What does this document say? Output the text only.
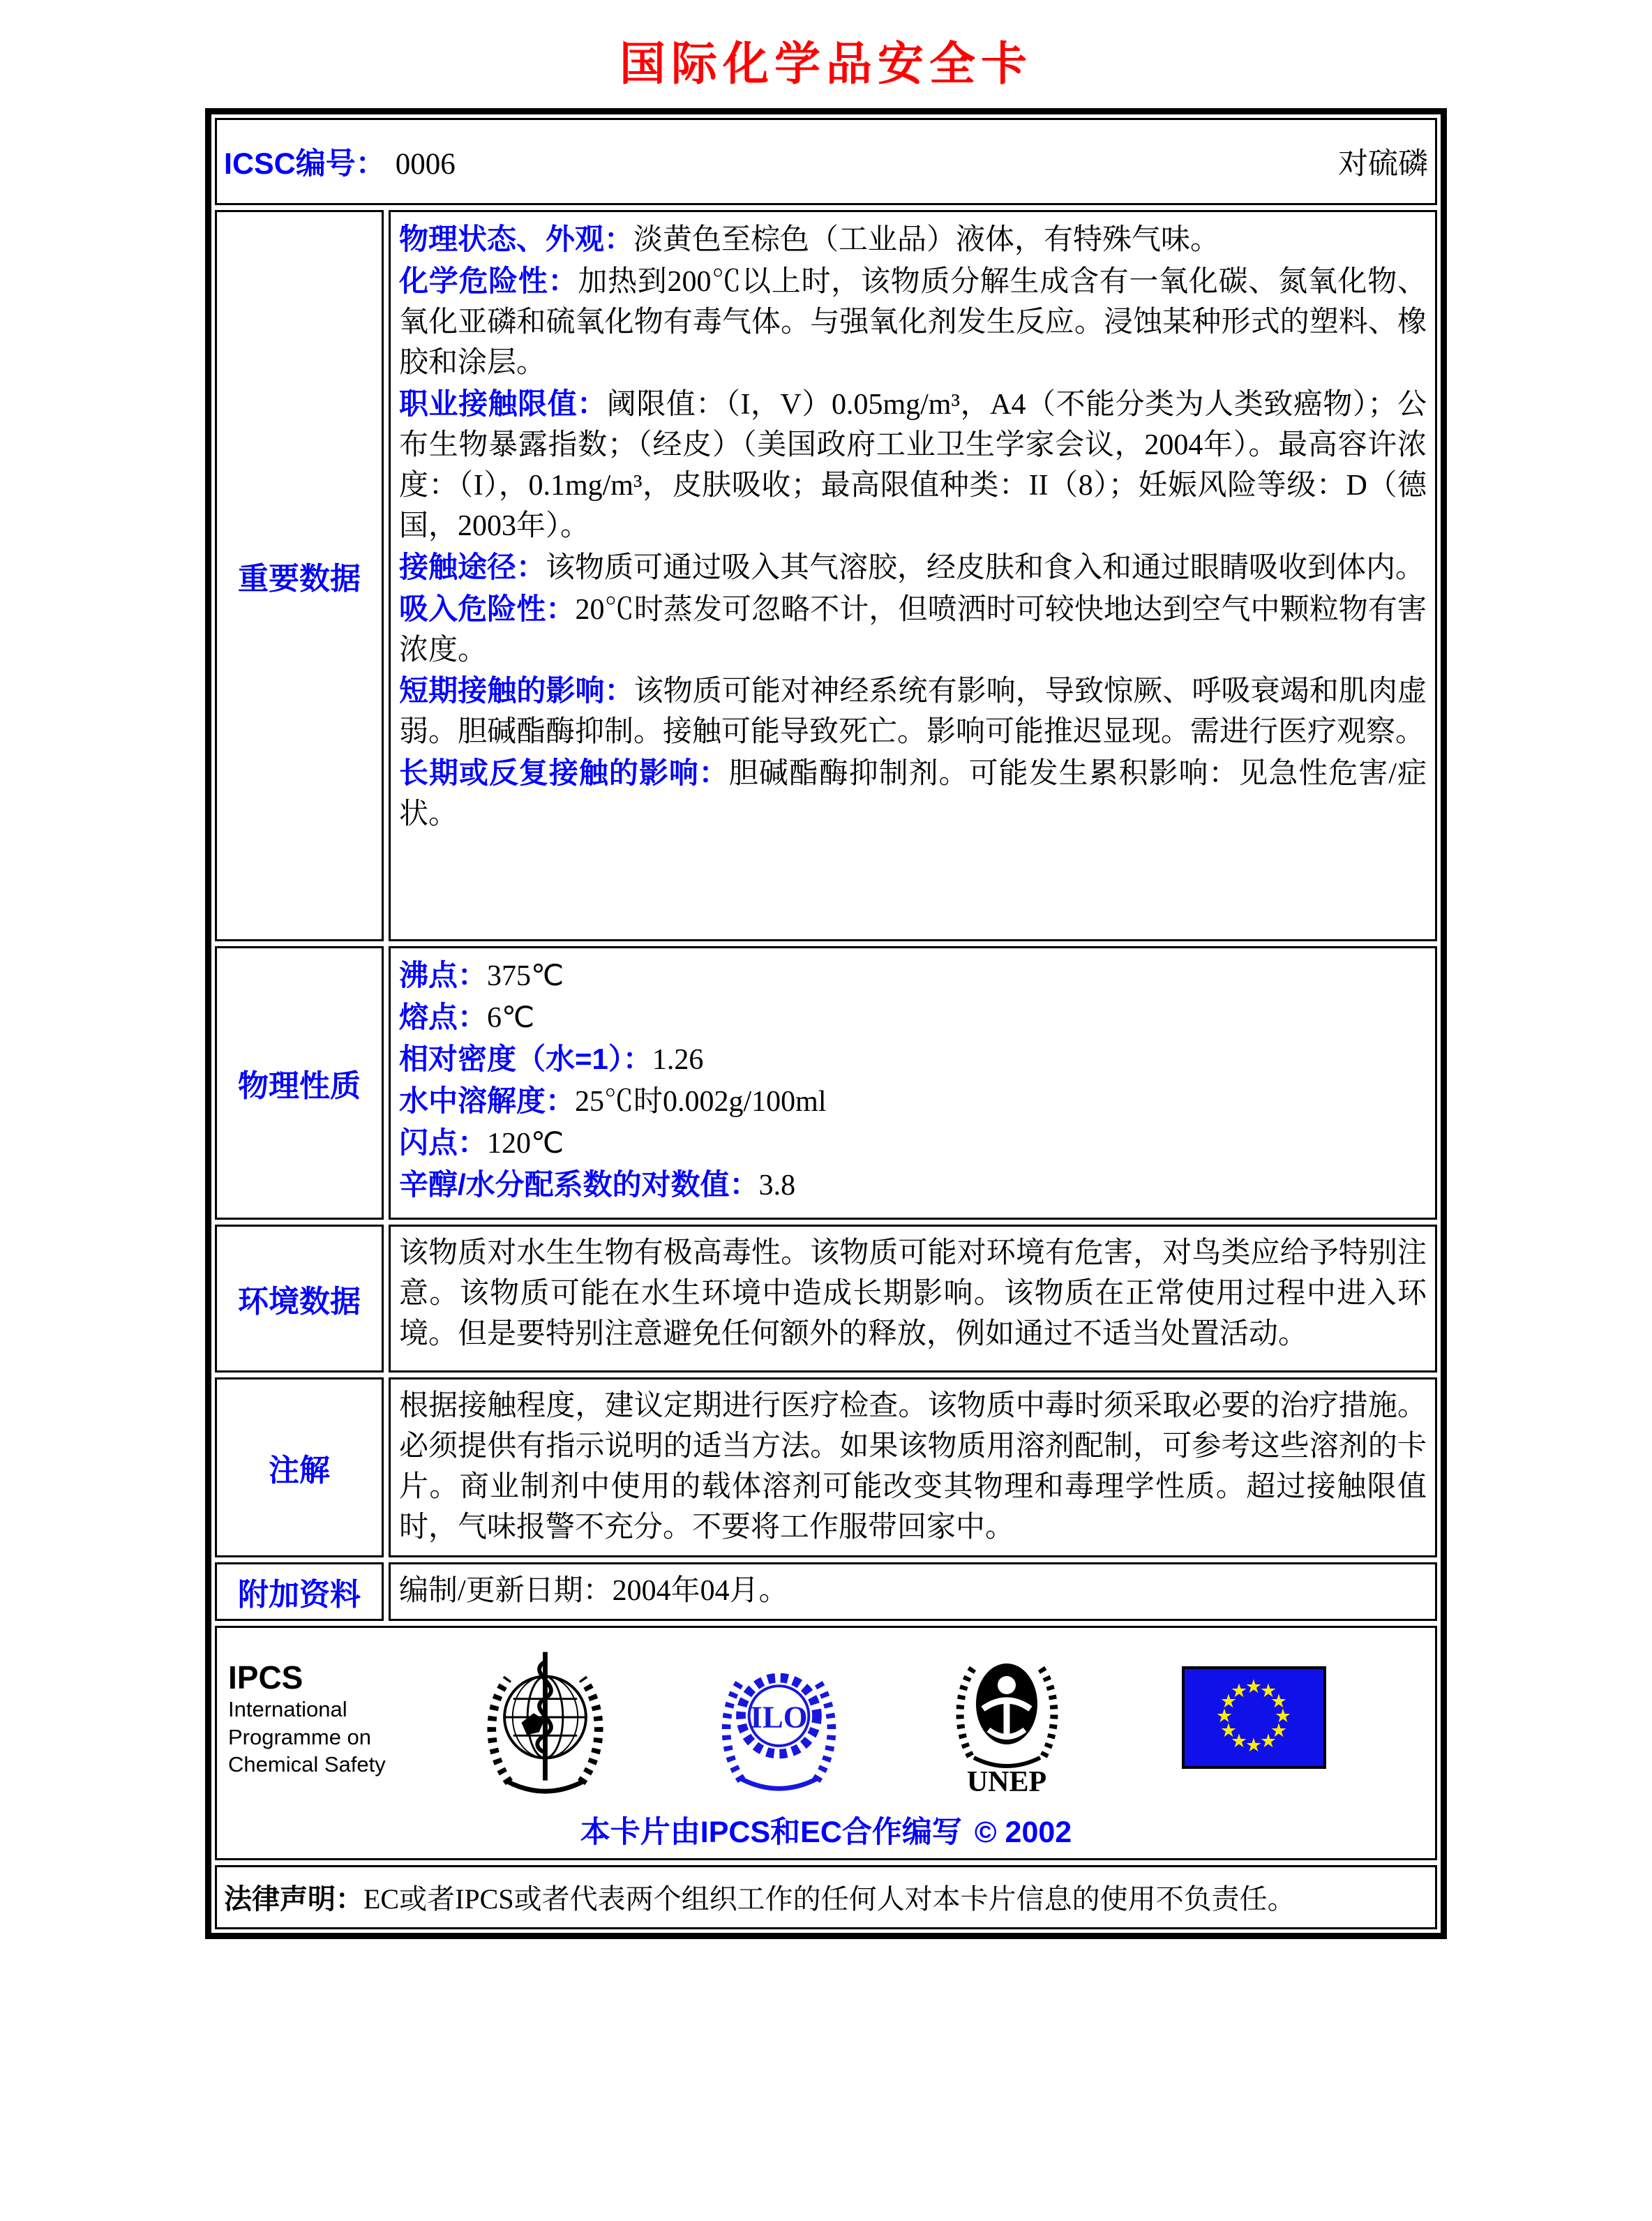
国际化学品安全卡
ICSC编号： 0006	对硫磷
重要数据

物理状态、外观：淡黄色至棕色（工业品）液体，有特殊气味。

化学危险性：加热到200℃以上时，该物质分解生成含有一氧化碳、氮氧化物、氧化亚磷和硫氧化物有毒气体。与强氧化剂发生反应。浸蚀某种形式的塑料、橡胶和涂层。

职业接触限值：阈限值：（I，V）0.05mg/m³，A4（不能分类为人类致癌物）；公布生物暴露指数；（经皮）（美国政府工业卫生学家会议，2004年）。最高容许浓度：（I），0.1mg/m³，皮肤吸收；最高限值种类：II（8）；妊娠风险等级：D（德国，2003年）。

接触途径：该物质可通过吸入其气溶胶，经皮肤和食入和通过眼睛吸收到体内。

吸入危险性：20℃时蒸发可忽略不计，但喷洒时可较快地达到空气中颗粒物有害浓度。

短期接触的影响：该物质可能对神经系统有影响，导致惊厥、呼吸衰竭和肌肉虚弱。胆碱酯酶抑制。接触可能导致死亡。影响可能推迟显现。需进行医疗观察。

长期或反复接触的影响：胆碱酯酶抑制剂。可能发生累积影响：见急性危害/症状。

物理性质

沸点：375℃

熔点：6℃

相对密度（水=1）：1.26

水中溶解度：25℃时0.002g/100ml

闪点：120℃

辛醇/水分配系数的对数值：3.8

环境数据

该物质对水生生物有极高毒性。该物质可能对环境有危害，对鸟类应给予特别注意。该物质可能在水生环境中造成长期影响。该物质在正常使用过程中进入环境。但是要特别注意避免任何额外的释放，例如通过不适当处置活动。

注解

根据接触程度，建议定期进行医疗检查。该物质中毒时须采取必要的治疗措施。必须提供有指示说明的适当方法。如果该物质用溶剂配制，可参考这些溶剂的卡片。商业制剂中使用的载体溶剂可能改变其物理和毒理学性质。超过接触限值时，气味报警不充分。不要将工作服带回家中。

附加资料	编制/更新日期：2004年04月。

IPCS
International
Programme on
Chemical Safety
ILO
UNEP
★
★
★
★
★
★
★
★
★
★
★
★
本卡片由IPCS和EC合作编写 © 2002

法律声明：EC或者IPCS或者代表两个组织工作的任何人对本卡片信息的使用不负责任。
